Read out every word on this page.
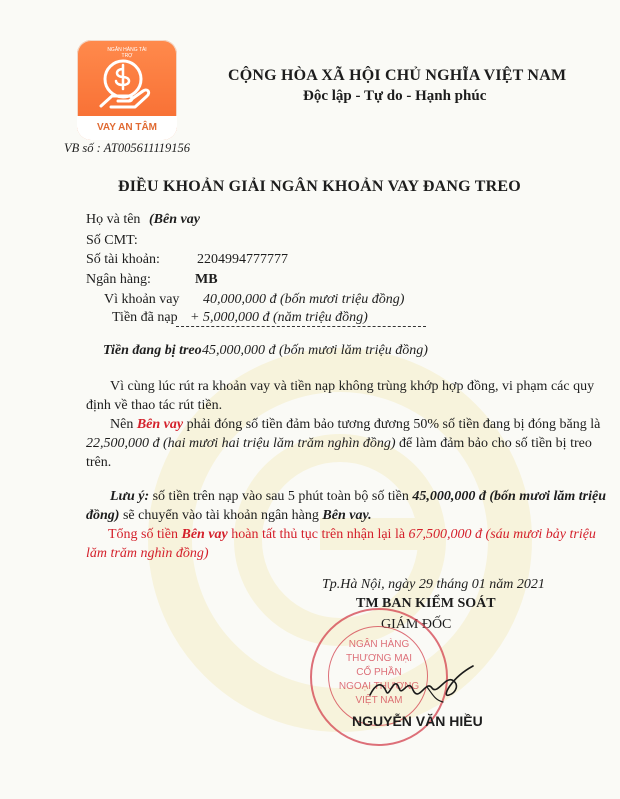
NGÂN HÀNG TÀI TRỢ
VAY AN TÂM
VB số : AT005611119156
CỘNG HÒA XÃ HỘI CHỦ NGHĨA VIỆT NAM
Độc lập - Tự do - Hạnh phúc
ĐIỀU KHOẢN GIẢI NGÂN KHOẢN VAY ĐANG TREO
Họ và tên (Bên vay
Số CMT:
Số tài khoản:	2204994777777
Ngân hàng:	MB
Vì khoản vay 40,000,000 đ (bốn mươi triệu đồng)
Tiền đã nạp + 5,000,000 đ (năm triệu đồng)
Tiền đang bị treo 45,000,000 đ (bốn mươi lăm triệu đồng)
Vì cùng lúc rút ra khoản vay và tiền nạp không trùng khớp hợp đồng, vi phạm các quy
định về thao tác rút tiền.
Nên Bên vay phải đóng số tiền đảm bảo tương đương 50% số tiền đang bị đóng băng là
22,500,000 đ (hai mươi hai triệu lăm trăm nghìn đồng) để làm đảm bảo cho số tiền bị treo
trên.
Lưu ý: số tiền trên nạp vào sau 5 phút toàn bộ số tiền 45,000,000 đ (bốn mươi lăm triệu
đồng) sẽ chuyển vào tài khoản ngân hàng Bên vay.
Tổng số tiền Bên vay hoàn tất thủ tục trên nhận lại là 67,500,000 đ (sáu mươi bảy triệu
lăm trăm nghìn đồng)
Tp.Hà Nội, ngày 29 tháng 01 năm 2021
TM BAN KIỂM SOÁT
GIÁM ĐỐC
NGÂN HÀNG
THƯƠNG MẠI
CỔ PHẦN
NGOẠI THƯƠNG
VIỆT NAM
NGUYỄN VĂN HIỀU
